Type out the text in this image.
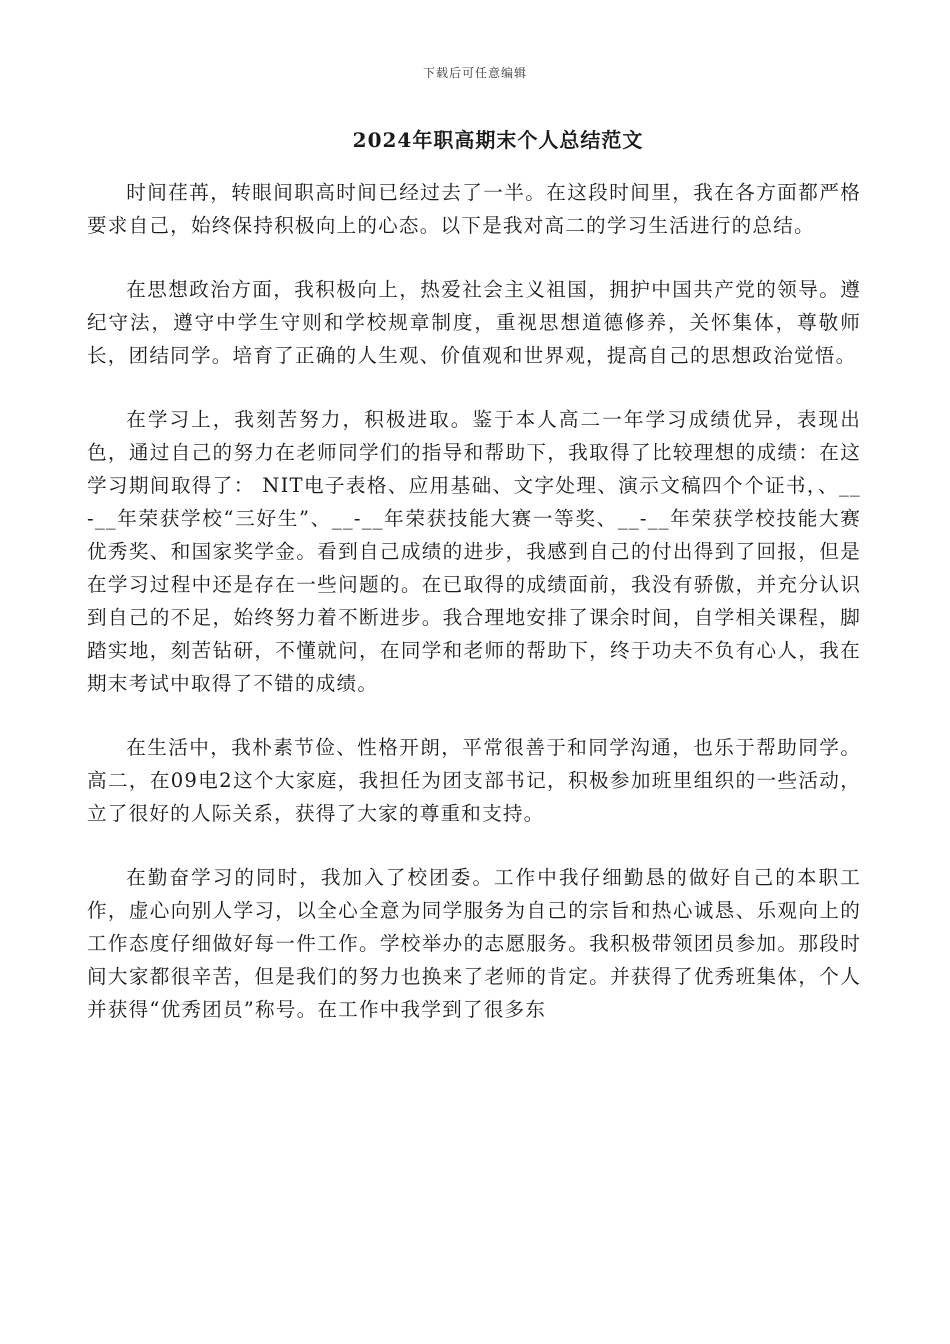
下载后可任意编辑
2024年职高期末个人总结范文

时间荏苒，转眼间职高时间已经过去了一半。在这段时间里，我在各方面都严格要求自己，始终保持积极向上的心态。以下是我对高二的学习生活进行的总结。

在思想政治方面，我积极向上，热爱社会主义祖国，拥护中国共产党的领导。遵纪守法，遵守中学生守则和学校规章制度，重视思想道德修养，关怀集体，尊敬师长，团结同学。培育了正确的人生观、价值观和世界观，提高自己的思想政治觉悟。

在学习上，我刻苦努力，积极进取。鉴于本人高二一年学习成绩优异，表现出色，通过自己的努力在老师同学们的指导和帮助下，我取得了比较理想的成绩：在这学习期间取得了： NIT电子表格、应用基础、文字处理、演示文稿四个个证书，、__-__年荣获学校“三好生”、__-__年荣获技能大赛一等奖、__-__年荣获学校技能大赛优秀奖、和国家奖学金。看到自己成绩的进步，我感到自己的付出得到了回报，但是在学习过程中还是存在一些问题的。在已取得的成绩面前，我没有骄傲，并充分认识到自己的不足，始终努力着不断进步。我合理地安排了课余时间，自学相关课程，脚踏实地，刻苦钻研，不懂就问，在同学和老师的帮助下，终于功夫不负有心人，我在期末考试中取得了不错的成绩。

在生活中，我朴素节俭、性格开朗，平常很善于和同学沟通，也乐于帮助同学。高二，在09电2这个大家庭，我担任为团支部书记，积极参加班里组织的一些活动，立了很好的人际关系，获得了大家的尊重和支持。

在勤奋学习的同时，我加入了校团委。工作中我仔细勤恳的做好自己的本职工作，虚心向别人学习，以全心全意为同学服务为自己的宗旨和热心诚恳、乐观向上的工作态度仔细做好每一件工作。学校举办的志愿服务。我积极带领团员参加。那段时间大家都很辛苦，但是我们的努力也换来了老师的肯定。并获得了优秀班集体，个人并获得“优秀团员”称号。在工作中我学到了很多东
